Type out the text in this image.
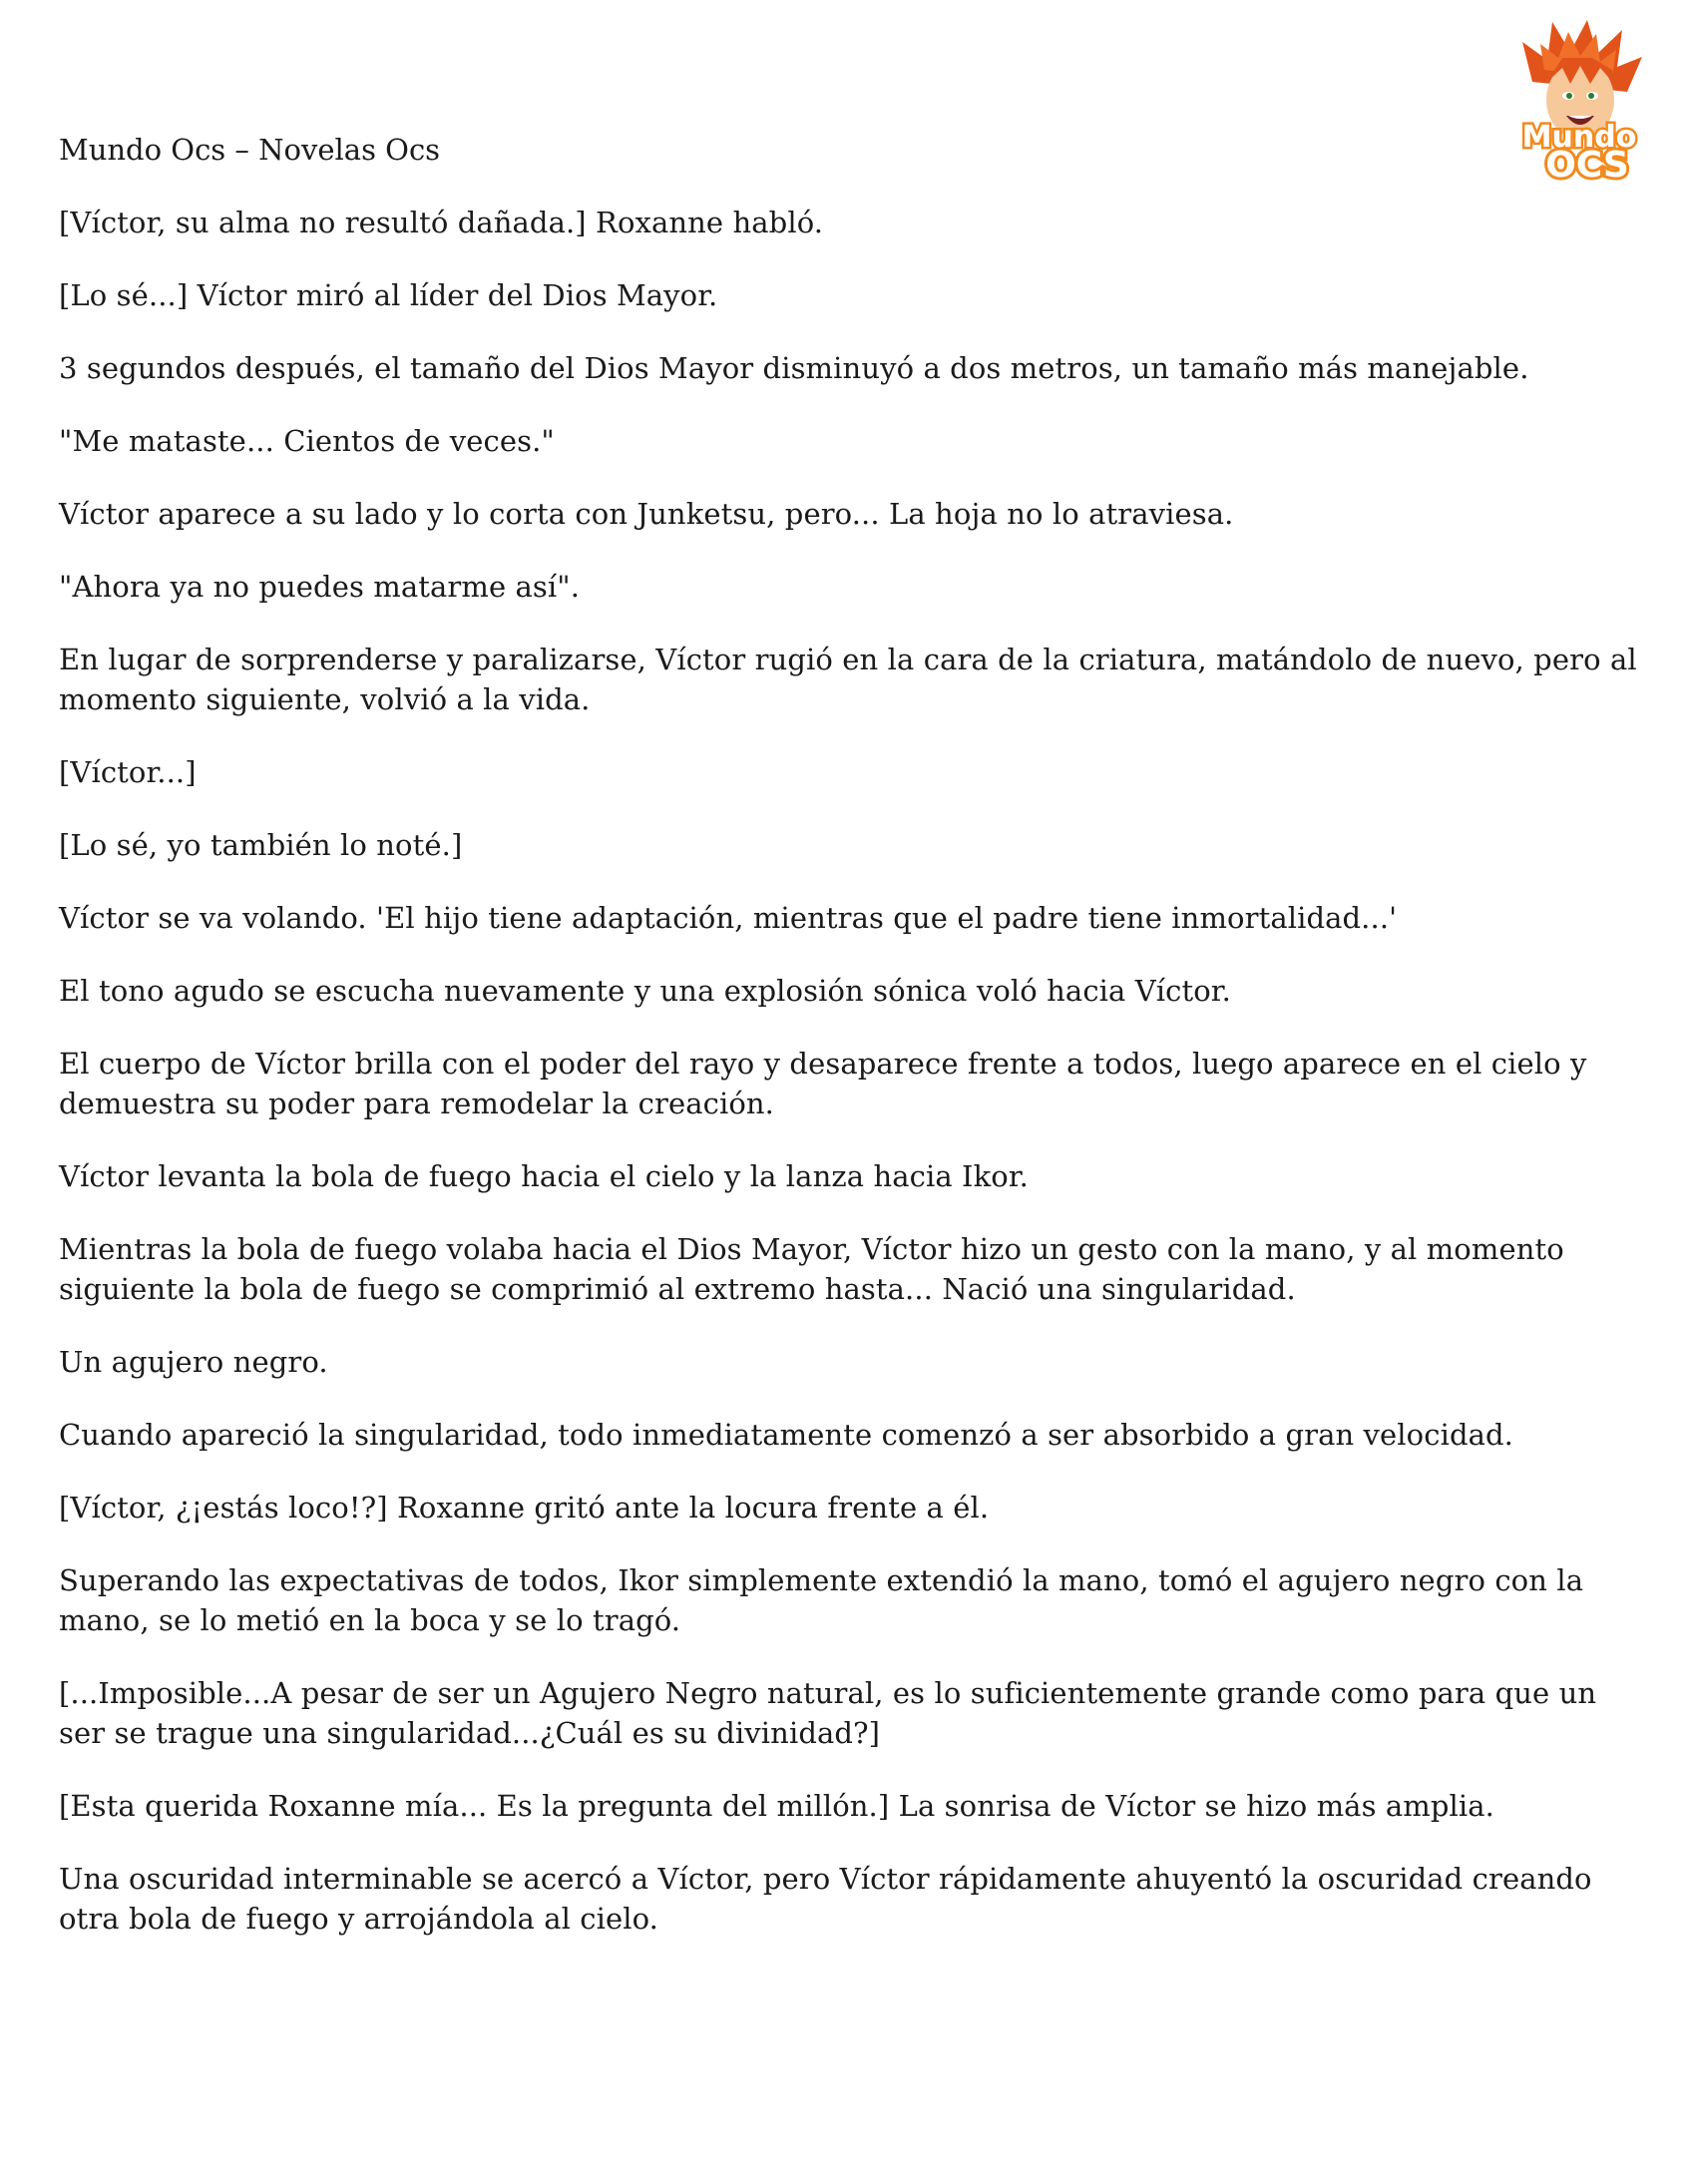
Mundo
OCS

Mundo Ocs – Novelas Ocs

[Víctor, su alma no resultó dañada.] Roxanne habló.

[Lo sé...] Víctor miró al líder del Dios Mayor.

3 segundos después, el tamaño del Dios Mayor disminuyó a dos metros, un tamaño más manejable.

"Me mataste... Cientos de veces."

Víctor aparece a su lado y lo corta con Junketsu, pero... La hoja no lo atraviesa.

"Ahora ya no puedes matarme así".

En lugar de sorprenderse y paralizarse, Víctor rugió en la cara de la criatura, matándolo de nuevo, pero al momento siguiente, volvió a la vida.

[Víctor...]

[Lo sé, yo también lo noté.]

Víctor se va volando. 'El hijo tiene adaptación, mientras que el padre tiene inmortalidad...'

El tono agudo se escucha nuevamente y una explosión sónica voló hacia Víctor.

El cuerpo de Víctor brilla con el poder del rayo y desaparece frente a todos, luego aparece en el cielo y demuestra su poder para remodelar la creación.

Víctor levanta la bola de fuego hacia el cielo y la lanza hacia Ikor.

Mientras la bola de fuego volaba hacia el Dios Mayor, Víctor hizo un gesto con la mano, y al momento siguiente la bola de fuego se comprimió al extremo hasta... Nació una singularidad.

Un agujero negro.

Cuando apareció la singularidad, todo inmediatamente comenzó a ser absorbido a gran velocidad.

[Víctor, ¿¡estás loco!?] Roxanne gritó ante la locura frente a él.

Superando las expectativas de todos, Ikor simplemente extendió la mano, tomó el agujero negro con la mano, se lo metió en la boca y se lo tragó.

[...Imposible...A pesar de ser un Agujero Negro natural, es lo suficientemente grande como para que un ser se trague una singularidad...¿Cuál es su divinidad?]

[Esta querida Roxanne mía... Es la pregunta del millón.] La sonrisa de Víctor se hizo más amplia.

Una oscuridad interminable se acercó a Víctor, pero Víctor rápidamente ahuyentó la oscuridad creando otra bola de fuego y arrojándola al cielo.
